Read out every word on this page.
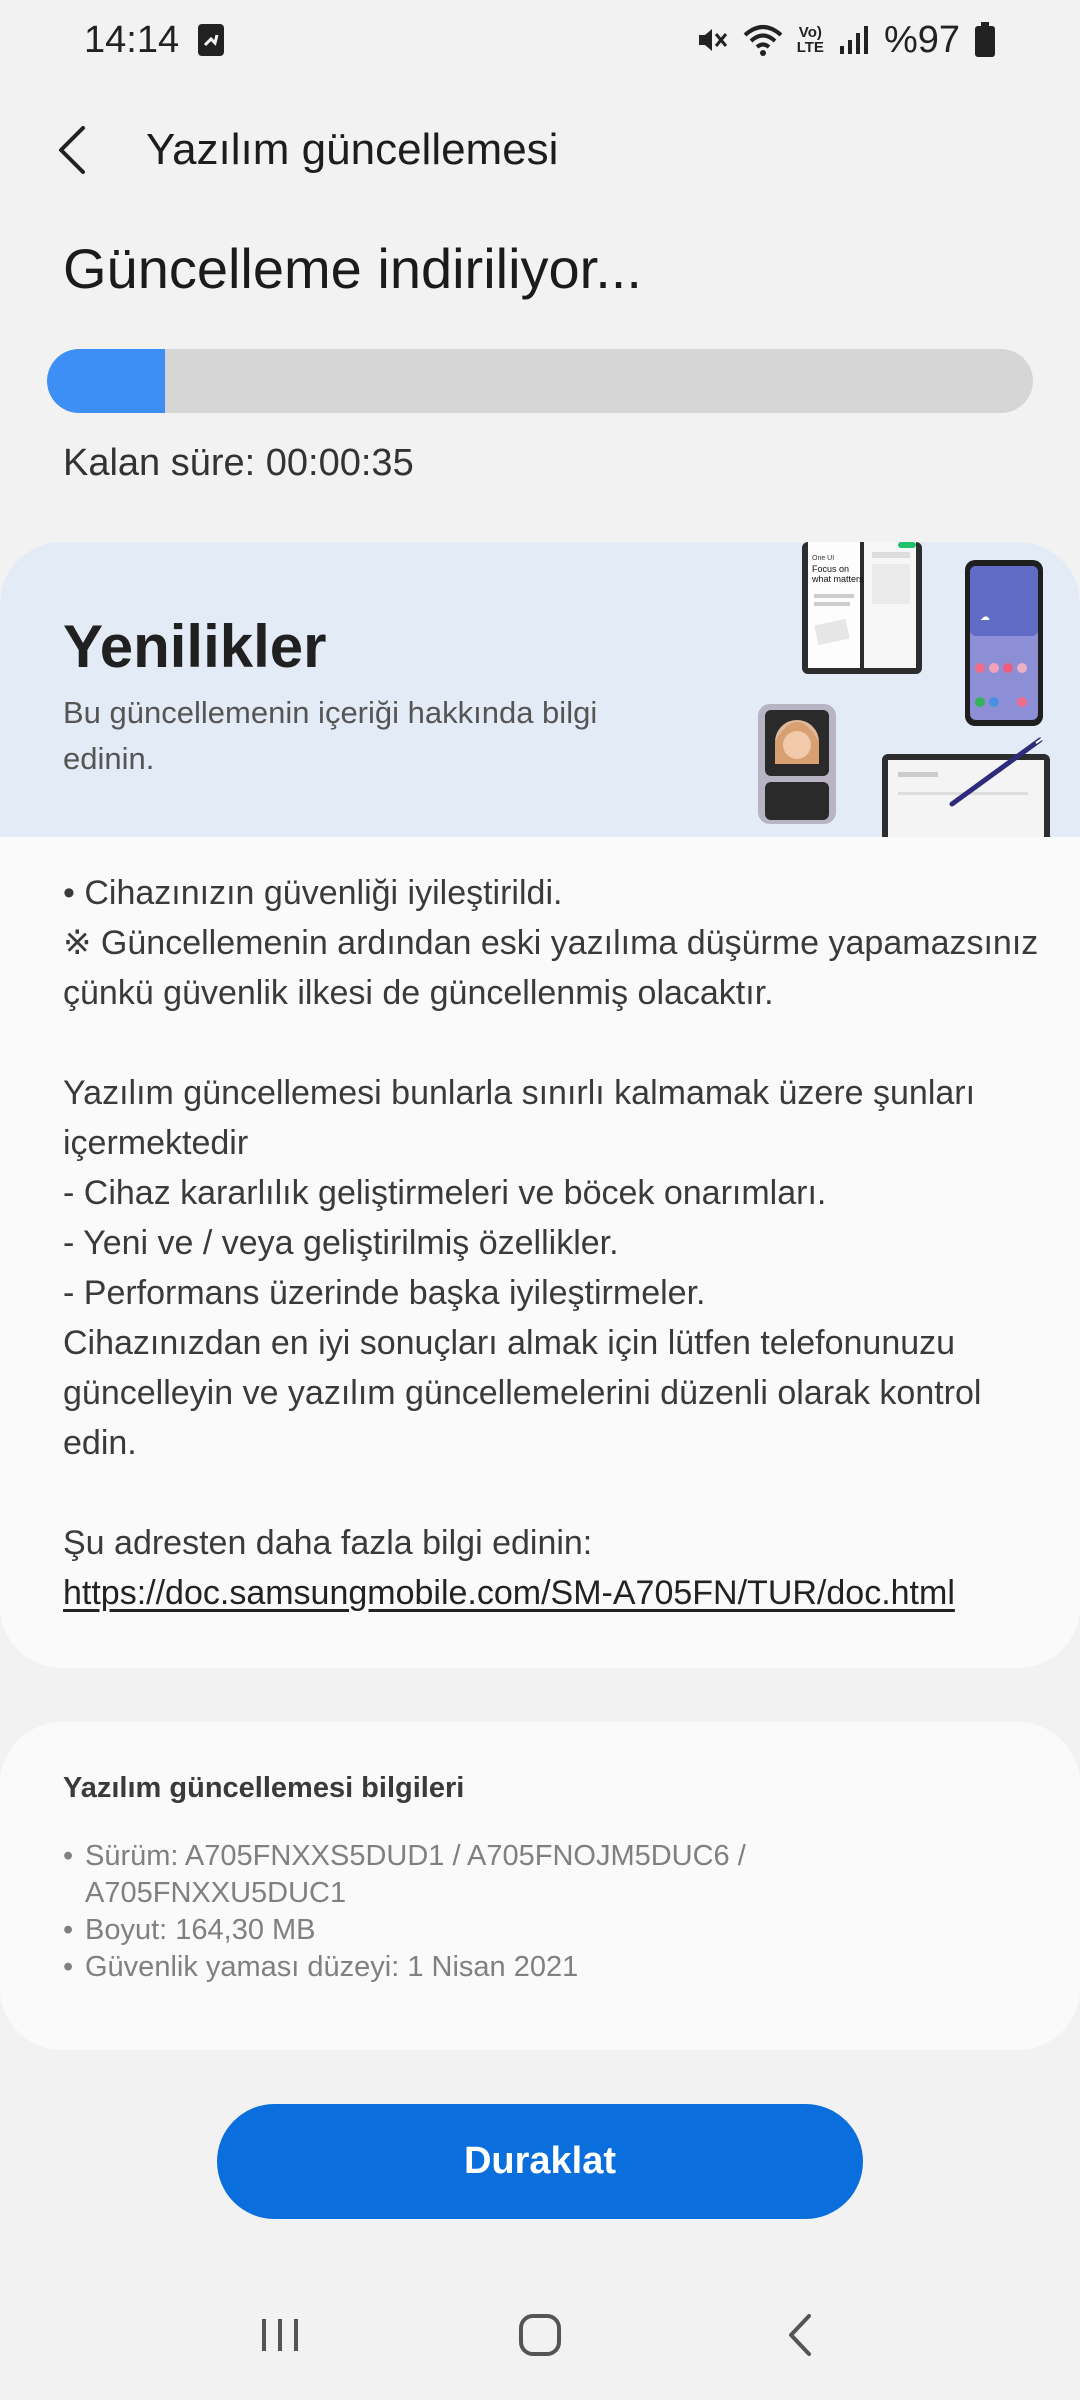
14:14	Vo)
LTE %97
Yazılım güncellemesi
Güncelleme indiriliyor...
Kalan süre: 00:00:35
Yenilikler
Bu güncellemenin içeriği hakkında bilgi edinin.
One UI
Focus on
what matters
☁

• Cihazınızın güvenliği iyileştirildi.

※ Güncellemenin ardından eski yazılıma düşürme yapamazsınız çünkü güvenlik ilkesi de güncellenmiş olacaktır.

Yazılım güncellemesi bunlarla sınırlı kalmamak üzere şunları içermektedir

- Cihaz kararlılık geliştirmeleri ve böcek onarımları.

- Yeni ve / veya geliştirilmiş özellikler.

- Performans üzerinde başka iyileştirmeler.

Cihazınızdan en iyi sonuçları almak için lütfen telefonunuzu güncelleyin ve yazılım güncellemelerini düzenli olarak kontrol edin.

Şu adresten daha fazla bilgi edinin:

https://doc.samsungmobile.com/SM-A705FN/TUR/doc.html
Yazılım güncellemesi bilgileri
• Sürüm: A705FNXXS5DUD1 / A705FNOJM5DUC6 / A705FNXXU5DUC1
• Boyut: 164,30 MB
• Güvenlik yaması düzeyi: 1 Nisan 2021
Duraklat
